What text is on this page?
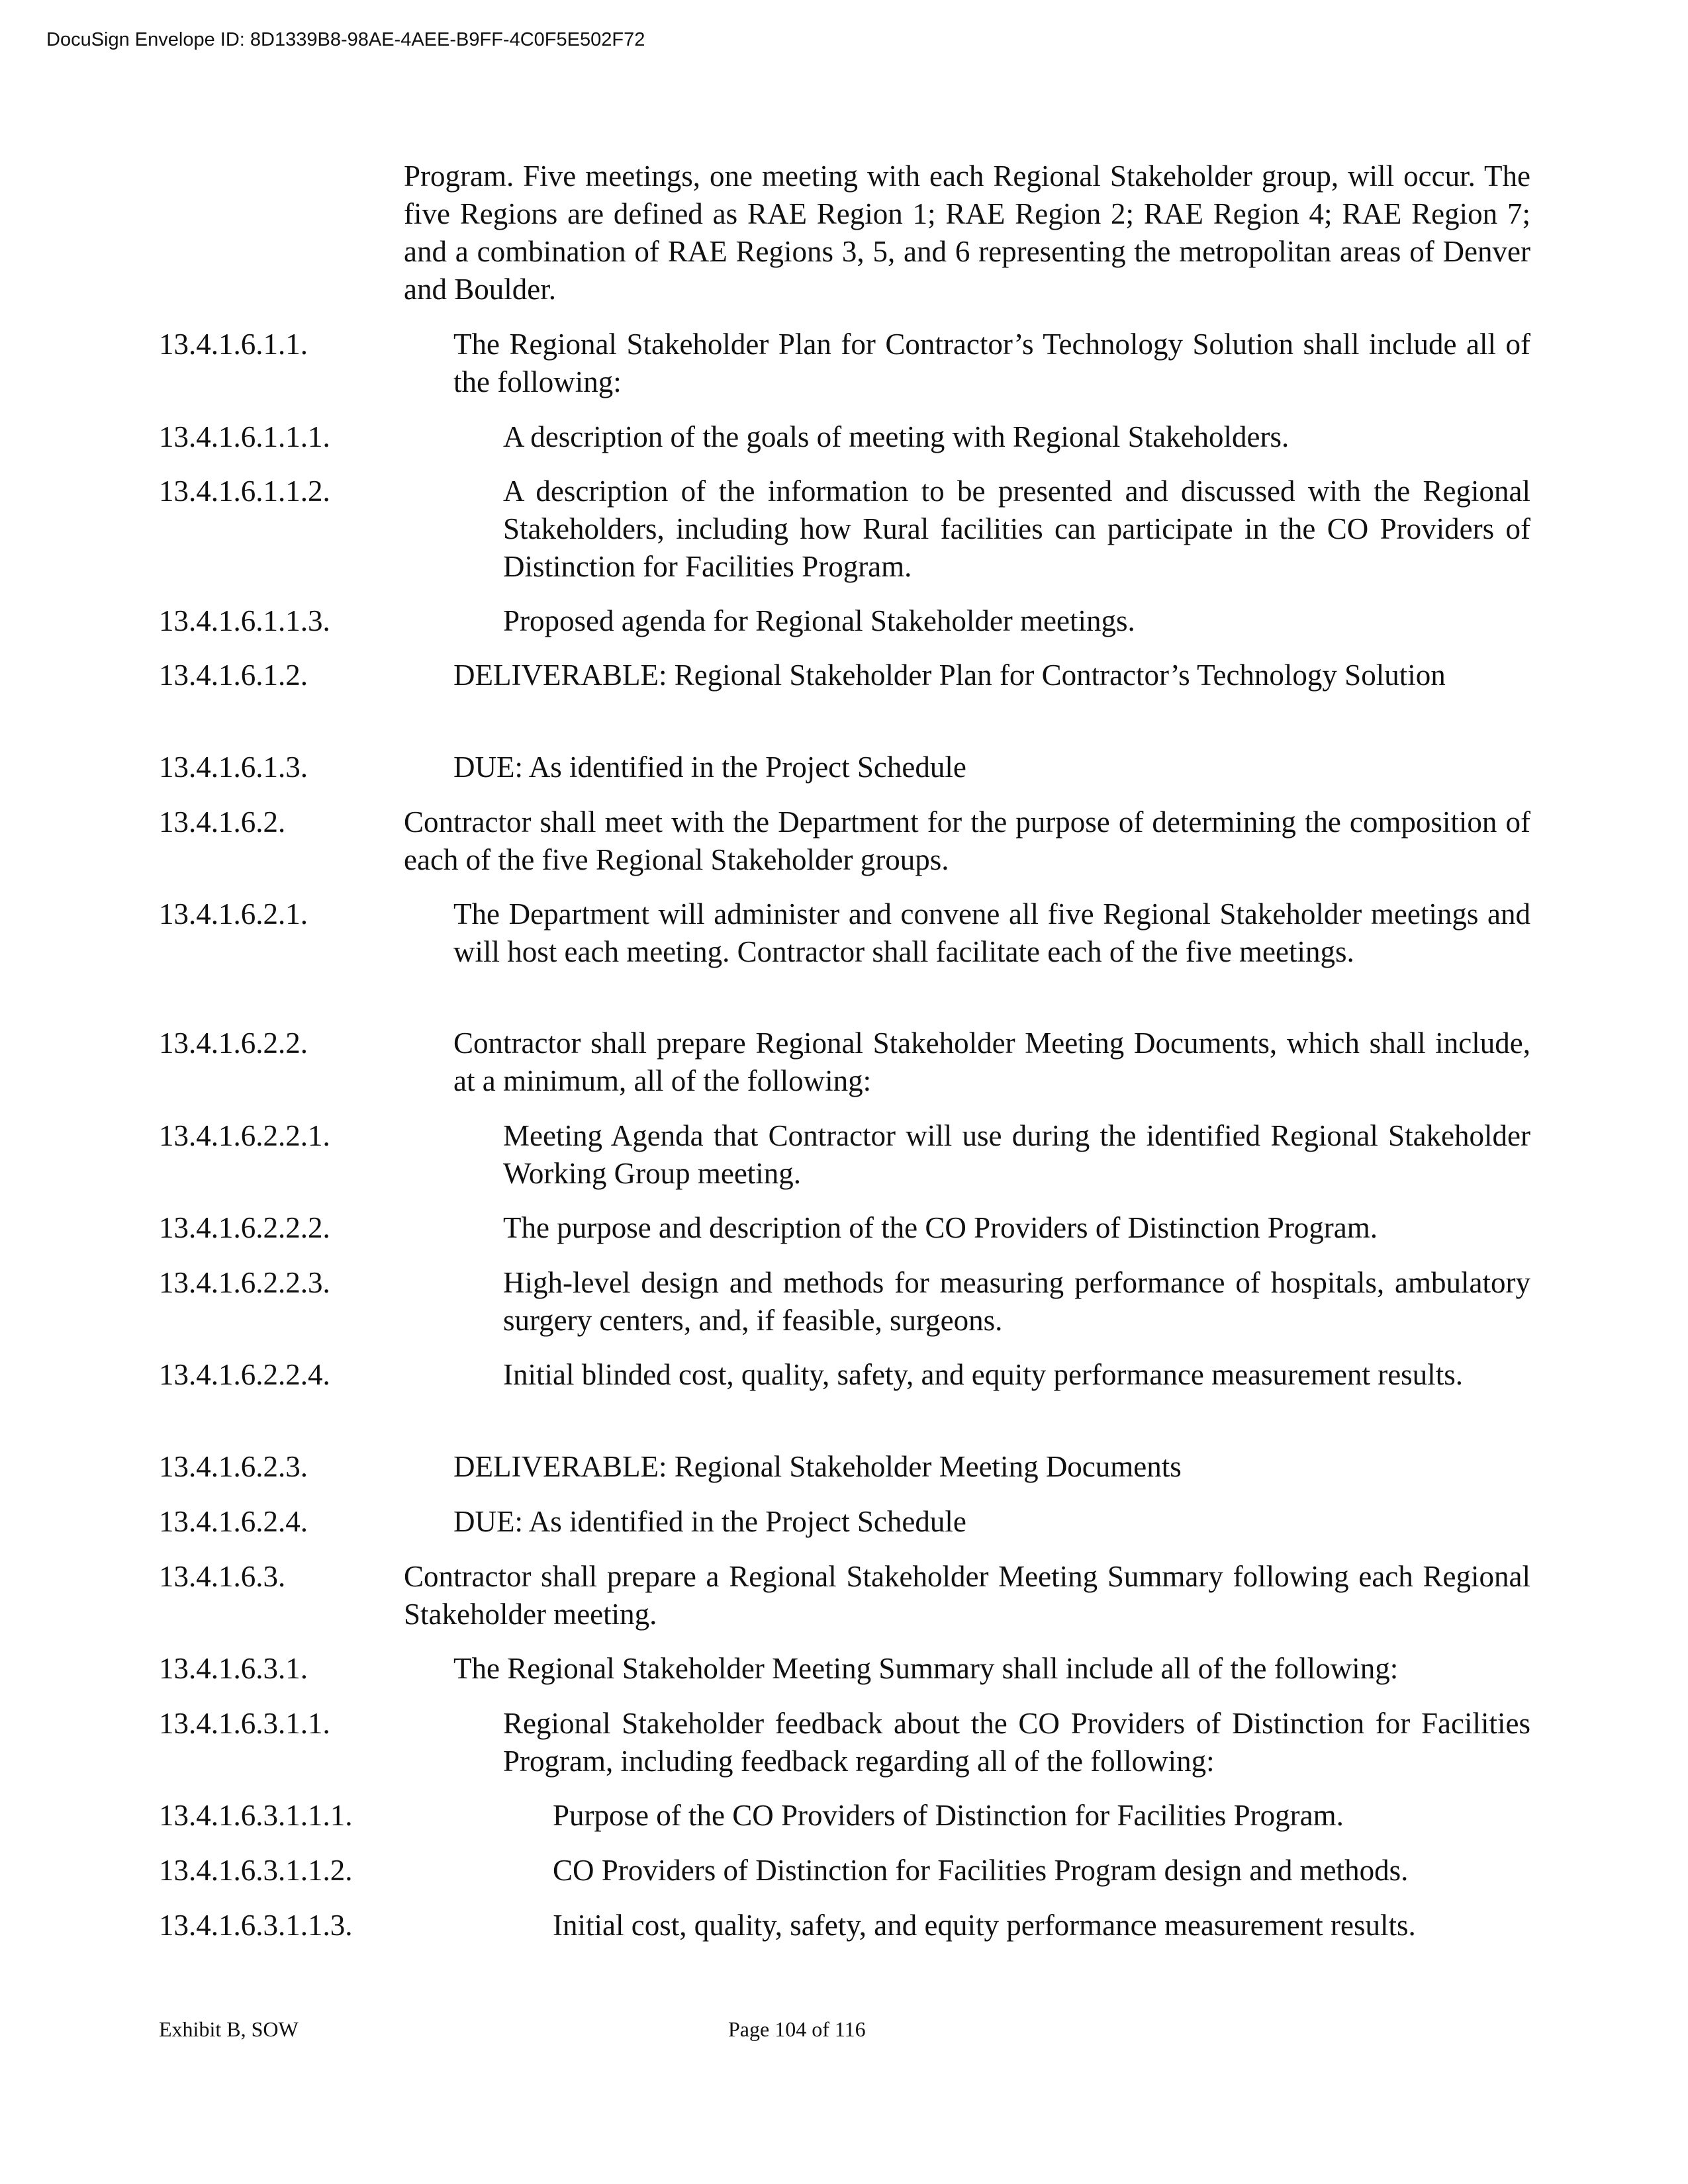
DocuSign Envelope ID: 8D1339B8-98AE-4AEE-B9FF-4C0F5E502F72
Program. Five meetings, one meeting with each Regional Stakeholder group, will occur. The five Regions are defined as RAE Region 1; RAE Region 2; RAE Region 4; RAE Region 7; and a combination of RAE Regions 3, 5, and 6 representing the metropolitan areas of Denver and Boulder.
13.4.1.6.1.1.	The Regional Stakeholder Plan for Contractor’s Technology Solution shall include all of the following:
13.4.1.6.1.1.1.	A description of the goals of meeting with Regional Stakeholders.
13.4.1.6.1.1.2.	A description of the information to be presented and discussed with the Regional Stakeholders, including how Rural facilities can participate in the CO Providers of Distinction for Facilities Program.
13.4.1.6.1.1.3.	Proposed agenda for Regional Stakeholder meetings.
13.4.1.6.1.2.	DELIVERABLE: Regional Stakeholder Plan for Contractor’s Technology Solution
13.4.1.6.1.3.	DUE: As identified in the Project Schedule
13.4.1.6.2.	Contractor shall meet with the Department for the purpose of determining the composition of each of the five Regional Stakeholder groups.
13.4.1.6.2.1.	The Department will administer and convene all five Regional Stakeholder meetings and will host each meeting. Contractor shall facilitate each of the five meetings.
13.4.1.6.2.2.	Contractor shall prepare Regional Stakeholder Meeting Documents, which shall include, at a minimum, all of the following:
13.4.1.6.2.2.1.	Meeting Agenda that Contractor will use during the identified Regional Stakeholder Working Group meeting.
13.4.1.6.2.2.2.	The purpose and description of the CO Providers of Distinction Program.
13.4.1.6.2.2.3.	High-level design and methods for measuring performance of hospitals, ambulatory surgery centers, and, if feasible, surgeons.
13.4.1.6.2.2.4.	Initial blinded cost, quality, safety, and equity performance measurement results.
13.4.1.6.2.3.	DELIVERABLE: Regional Stakeholder Meeting Documents
13.4.1.6.2.4.	DUE: As identified in the Project Schedule
13.4.1.6.3.	Contractor shall prepare a Regional Stakeholder Meeting Summary following each Regional Stakeholder meeting.
13.4.1.6.3.1.	The Regional Stakeholder Meeting Summary shall include all of the following:
13.4.1.6.3.1.1.	Regional Stakeholder feedback about the CO Providers of Distinction for Facilities Program, including feedback regarding all of the following:
13.4.1.6.3.1.1.1.	Purpose of the CO Providers of Distinction for Facilities Program.
13.4.1.6.3.1.1.2.	CO Providers of Distinction for Facilities Program design and methods.
13.4.1.6.3.1.1.3.	Initial cost, quality, safety, and equity performance measurement results.
Exhibit B, SOW	Page 104 of 116
